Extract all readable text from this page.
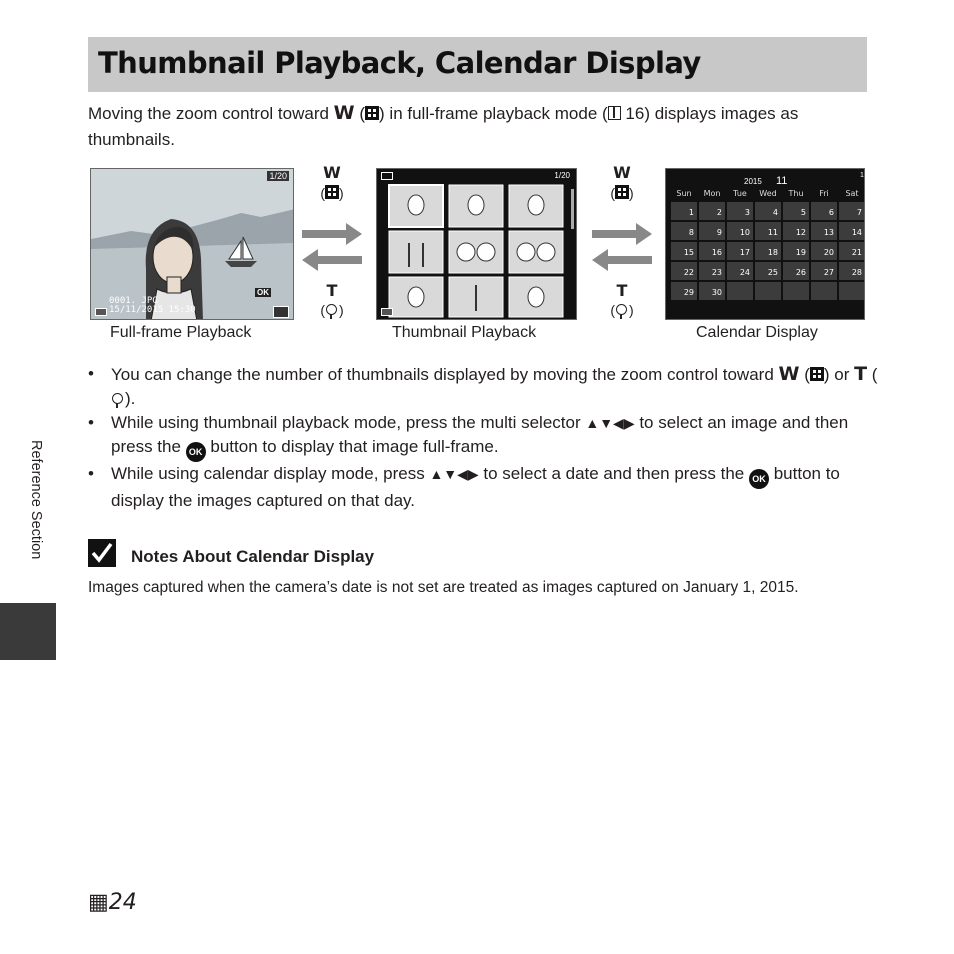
Thumbnail Playback, Calendar Display
Moving the zoom control toward W ( ) in full-frame playback mode ( 16) displays images as thumbnails.
1/20
OK
0001. JPG
15/11/2015 15:30
Full-frame Playback
W
( )
T
( )
1/20
Thumbnail Playback
W
( )
T
( )
2015 11	1
Sun Mon Tue Wed Thu Fri Sat
1	2	3	4	5	6	7
8	9 10 11 12 13 14
15 16 17 18 19 20 21
22 23 24 25 26 27 28
29 30
Calendar Display
• You can change the number of thumbnails displayed by moving the zoom control toward W ( ) or T ().
• While using thumbnail playback mode, press the multi selector ▲▼◀▶ to select an image and then press the OK button to display that image full-frame.
• While using calendar display mode, press ▲▼◀▶ to select a date and then press the OK button to display the images captured on that day.
Notes About Calendar Display
Images captured when the camera’s date is not set are treated as images captured on January 1, 2015.
Reference Section
▦24
